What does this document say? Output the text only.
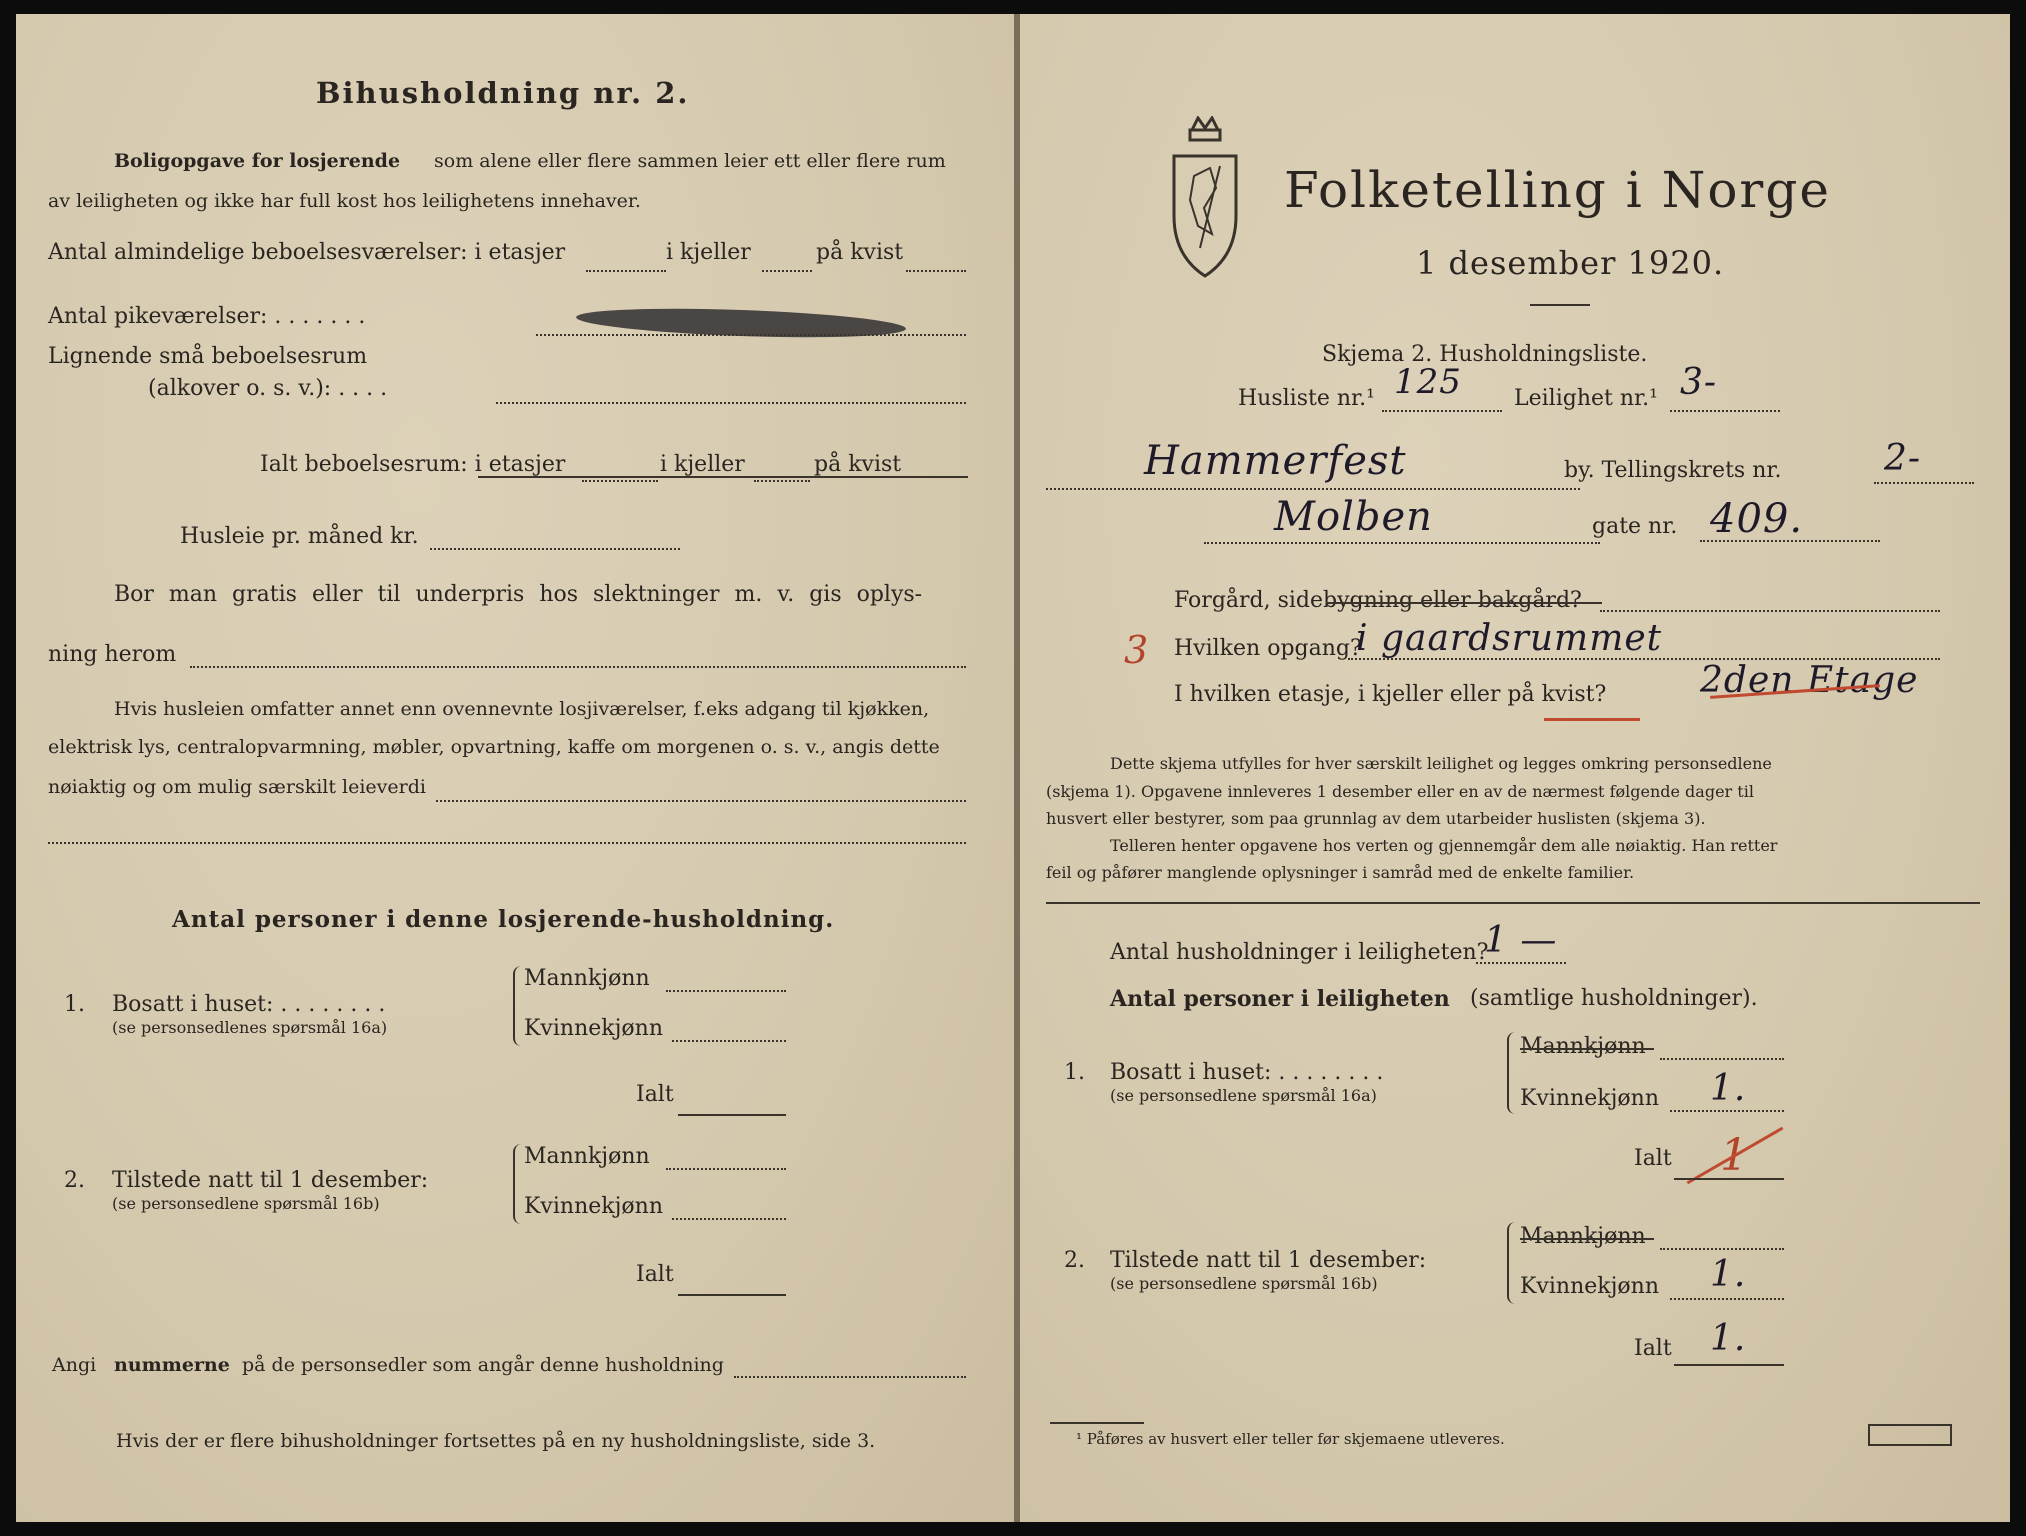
Bihusholdning nr. 2.
Boligopgave for losjerende som alene eller flere sammen leier ett eller flere rum
av leiligheten og ikke har full kost hos leilighetens innehaver.
Antal almindelige beboelsesværelser: i etasjer	i kjeller	på kvist
Antal pikeværelser: . . . . . . .
Lignende små beboelsesrum
(alkover o. s. v.): . . . .
Ialt beboelsesrum: i etasjer	i kjeller	på kvist
Husleie pr. måned kr.
Bor man gratis eller til underpris hos slektninger m. v. gis oplys-
ning herom
Hvis husleien omfatter annet enn ovennevnte losjiværelser, f.eks adgang til kjøkken,
elektrisk lys, centralopvarmning, møbler, opvartning, kaffe om morgenen o. s. v., angis dette
nøiaktig og om mulig særskilt leieverdi
Antal personer i denne losjerende-husholdning.
1. Bosatt i huset: . . . . . . . .
(se personsedlenes spørsmål 16a)
Mannkjønn
Kvinnekjønn
Ialt
2. Tilstede natt til 1 desember:
(se personsedlene spørsmål 16b)
Mannkjønn
Kvinnekjønn
Ialt
Angi nummerne på de personsedler som angår denne husholdning
Hvis der er flere bihusholdninger fortsettes på en ny husholdningsliste, side 3.
Folketelling i Norge
1 desember 1920.
Skjema 2. Husholdningsliste.
Husliste nr.¹ 125 Leilighet nr.¹ 3-
Hammerfest	by. Tellingskrets nr.	2-
Molben	gate nr. 409.
Forgård, sidebygning eller bakgård?
3 Hvilken opgang?
i gaardsrummet
I hvilken etasje, i kjeller eller på kvist?	2den Etage
Dette skjema utfylles for hver særskilt leilighet og legges omkring personsedlene
(skjema 1). Opgavene innleveres 1 desember eller en av de nærmest følgende dager til
husvert eller bestyrer, som paa grunnlag av dem utarbeider huslisten (skjema 3).
Telleren henter opgavene hos verten og gjennemgår dem alle nøiaktig. Han retter
feil og påfører manglende oplysninger i samråd med de enkelte familier.
Antal husholdninger i leiligheten?
1 —
Antal personer i leiligheten (samtlige husholdninger).
1. Bosatt i huset: . . . . . . . .
(se personsedlene spørsmål 16a)
Mannkjønn
Kvinnekjønn 1.
Ialt 1
2. Tilstede natt til 1 desember:
(se personsedlene spørsmål 16b)
Mannkjønn
Kvinnekjønn 1.
Ialt 1.
¹ Påføres av husvert eller teller før skjemaene utleveres.
